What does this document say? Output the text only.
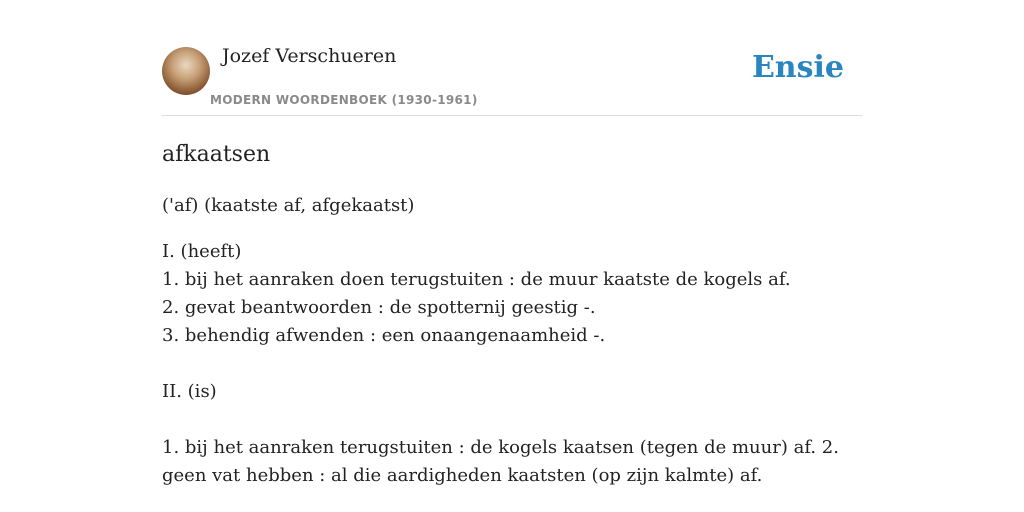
Jozef Verschueren
MODERN WOORDENBOEK (1930-1961)
Ensie
afkaatsen
('af) (kaatste af, afgekaatst)
I. (heeft)
1. bij het aanraken doen terugstuiten : de muur kaatste de kogels af.
2. gevat beantwoorden : de spotternij geestig -.
3. behendig afwenden : een onaangenaamheid -.
II. (is)
1. bij het aanraken terugstuiten : de kogels kaatsen (tegen de muur) af. 2. geen vat hebben : al die aardigheden kaatsten (op zijn kalmte) af.
